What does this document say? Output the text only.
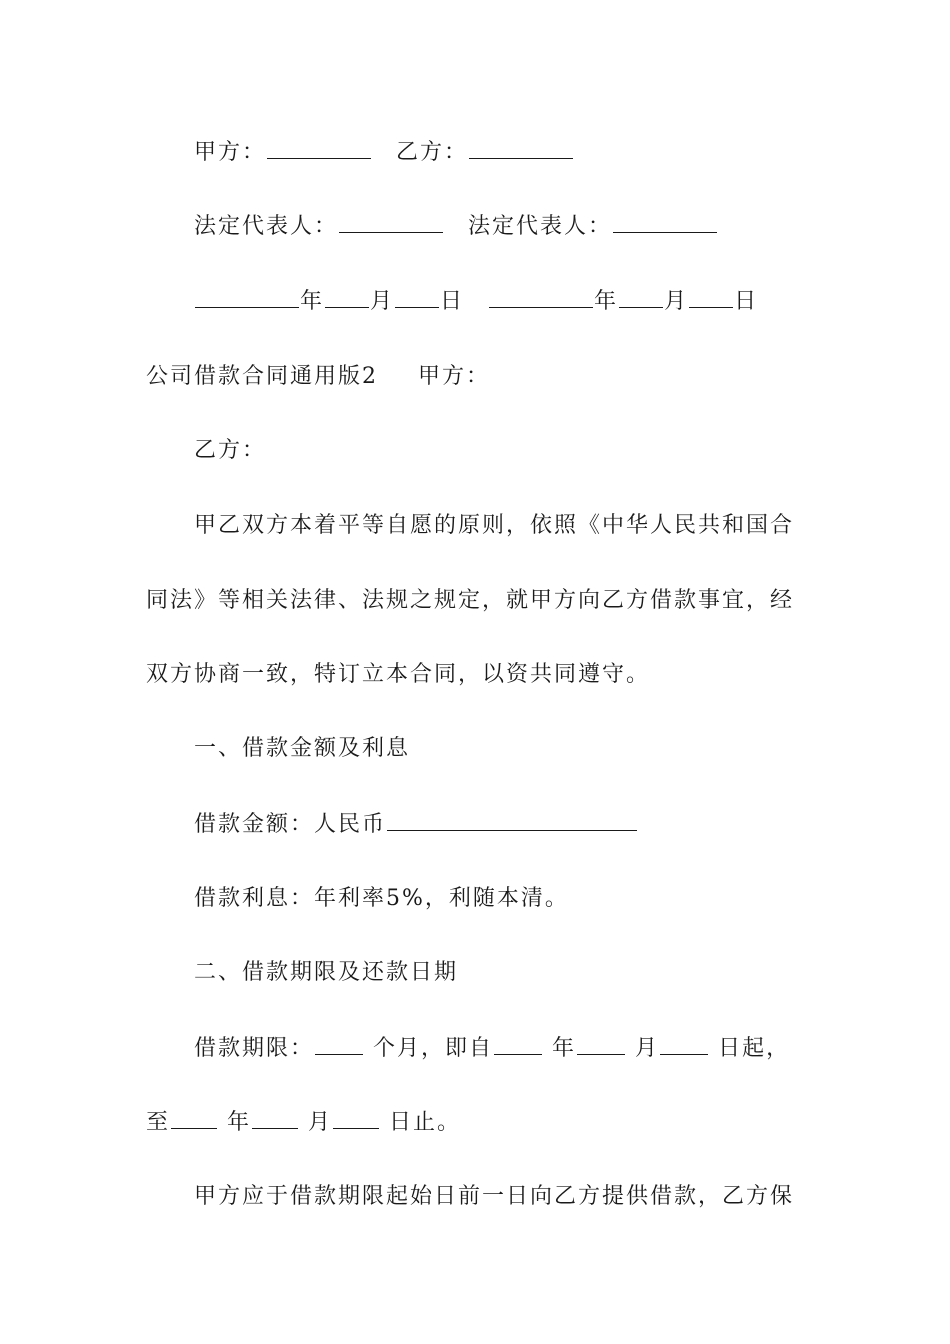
甲方：	乙方：
法定代表人：	法定代表人：
年 月 日	年 月 日
公司借款合同通用版2 甲方：
乙方：
甲乙双方本着平等自愿的原则，依照《中华人民共和国合
同法》等相关法律、法规之规定，就甲方向乙方借款事宜，经
双方协商一致，特订立本合同，以资共同遵守。
一、借款金额及利息
借款金额：人民币
借款利息：年利率5%，利随本清。
二、借款期限及还款日期
借款期限：	个月，即自	年	月	日起，
至	年	月	日止。
甲方应于借款期限起始日前一日向乙方提供借款，乙方保
